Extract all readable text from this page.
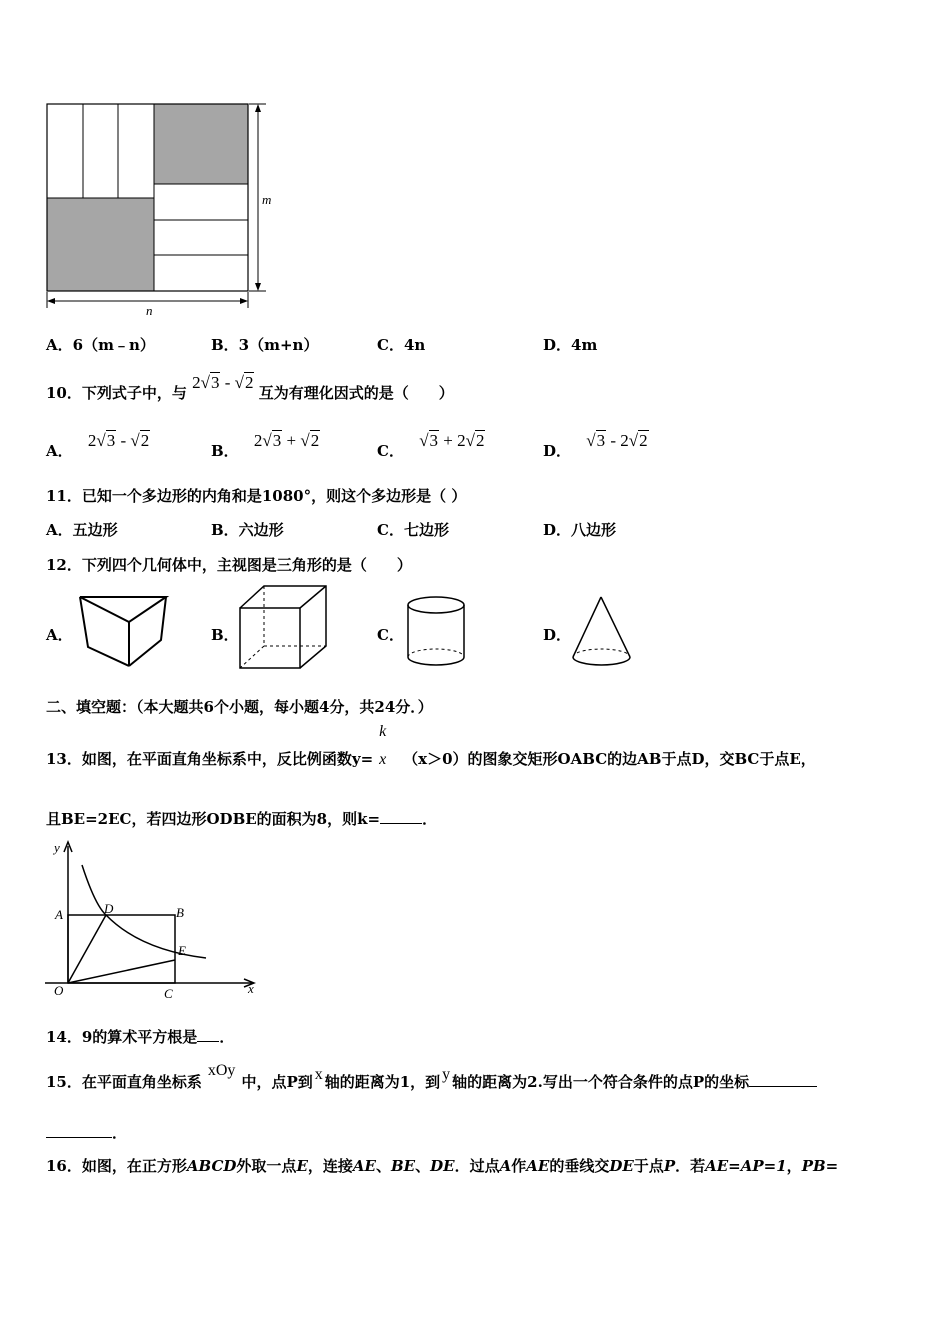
m
n
A．6（m﹣n）	B．3（m+n）	C．4n	D．4m
10．下列式子中，与 2√3 - √2 互为有理化因式的是（　　）
A． 2√3 - √2
B． 2√3 + √2
C． √3 + 2√2
D． √3 - 2√2
11．已知一个多边形的内角和是1080°，则这个多边形是（ ）
A．五边形	B．六边形	C．七边形	D．八边形
12．下列四个几何体中，主视图是三角形的是（　　）
A．	B．	C．	D．
二、填空题：（本大题共6个小题，每小题4分，共24分．）
13．如图，在平面直角坐标系中，反比例函数y=
k
x （x＞0）的图象交矩形OABC的边AB于点D，交BC于点E，
且BE=2EC，若四边形ODBE的面积为8，则k=	．
y
x
A	D	B
E
O	C
14．9的算术平方根是 ．
15．在平面直角坐标系xOy中，点P到 x 轴的距离为1，到 y 轴的距离为2.写出一个符合条件的点P的坐标
．
16．如图，在正方形ABCD外取一点E，连接AE、BE、DE．过点A作AE的垂线交DE于点P．若AE=AP=1，PB=
